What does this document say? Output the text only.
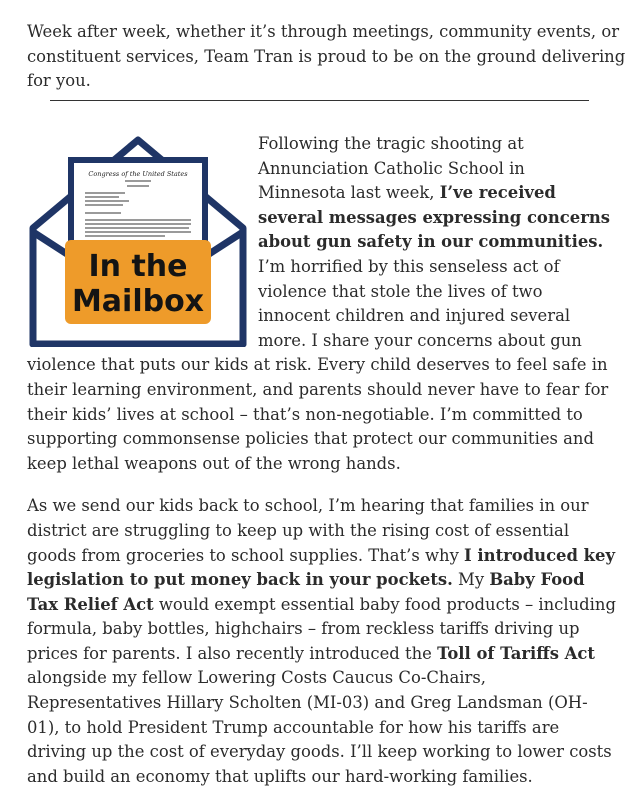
Week after week, whether it’s through meetings, community events, or constituent services, Team Tran is proud to be on the ground delivering for you.

Congress of the United States
In the
Mailbox

Following the tragic shooting at Annunciation Catholic School in Minnesota last week, I’ve received several messages expressing concerns about gun safety in our communities. I’m horrified by this senseless act of violence that stole the lives of two innocent children and injured several more. I share your concerns about gun violence that puts our kids at risk. Every child deserves to feel safe in their learning environment, and parents should never have to fear for their kids’ lives at school – that’s non-negotiable. I’m committed to supporting commonsense policies that protect our communities and keep lethal weapons out of the wrong hands.

As we send our kids back to school, I’m hearing that families in our district are struggling to keep up with the rising cost of essential goods from groceries to school supplies. That’s why I introduced key legislation to put money back in your pockets. My Baby Food Tax Relief Act would exempt essential baby food products – including formula, baby bottles, highchairs – from reckless tariffs driving up prices for parents. I also recently introduced the Toll of Tariffs Act alongside my fellow Lowering Costs Caucus Co-Chairs, Representatives Hillary Scholten (MI-03) and Greg Landsman (OH-01), to hold President Trump accountable for how his tariffs are driving up the cost of everyday goods. I’ll keep working to lower costs and build an economy that uplifts our hard-working families.
